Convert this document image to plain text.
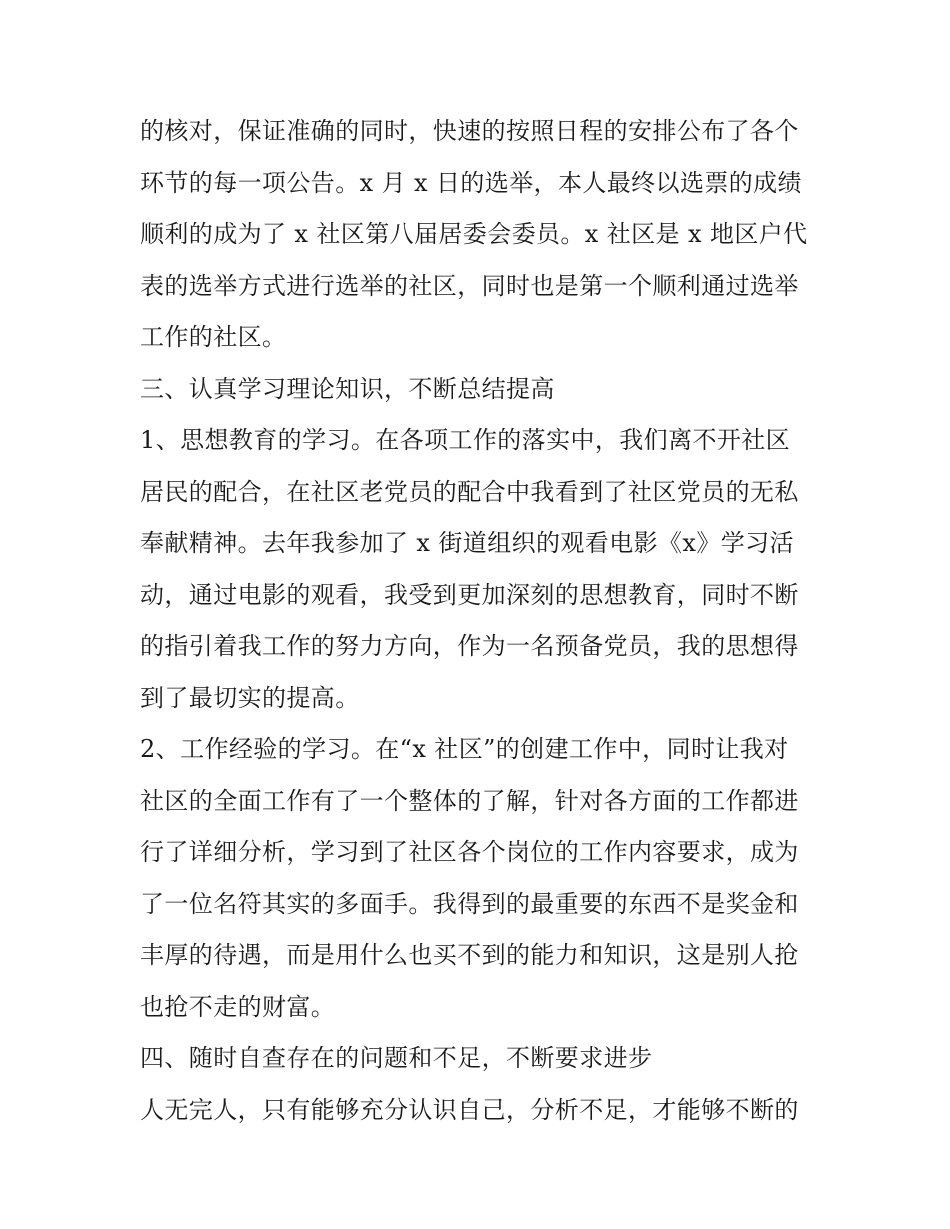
的核对，保证准确的同时，快速的按照日程的安排公布了各个
环节的每一项公告。x 月 x 日的选举，本人最终以选票的成绩
顺利的成为了 x 社区第八届居委会委员。x 社区是 x 地区户代
表的选举方式进行选举的社区，同时也是第一个顺利通过选举
工作的社区。
三、认真学习理论知识，不断总结提高
1、思想教育的学习。在各项工作的落实中，我们离不开社区
居民的配合，在社区老党员的配合中我看到了社区党员的无私
奉献精神。去年我参加了 x 街道组织的观看电影《x》学习活
动，通过电影的观看，我受到更加深刻的思想教育，同时不断
的指引着我工作的努力方向，作为一名预备党员，我的思想得
到了最切实的提高。
2、工作经验的学习。在“x 社区”的创建工作中，同时让我对
社区的全面工作有了一个整体的了解，针对各方面的工作都进
行了详细分析，学习到了社区各个岗位的工作内容要求，成为
了一位名符其实的多面手。我得到的最重要的东西不是奖金和
丰厚的待遇，而是用什么也买不到的能力和知识，这是别人抢
也抢不走的财富。
四、随时自查存在的问题和不足，不断要求进步
人无完人，只有能够充分认识自己，分析不足，才能够不断的
